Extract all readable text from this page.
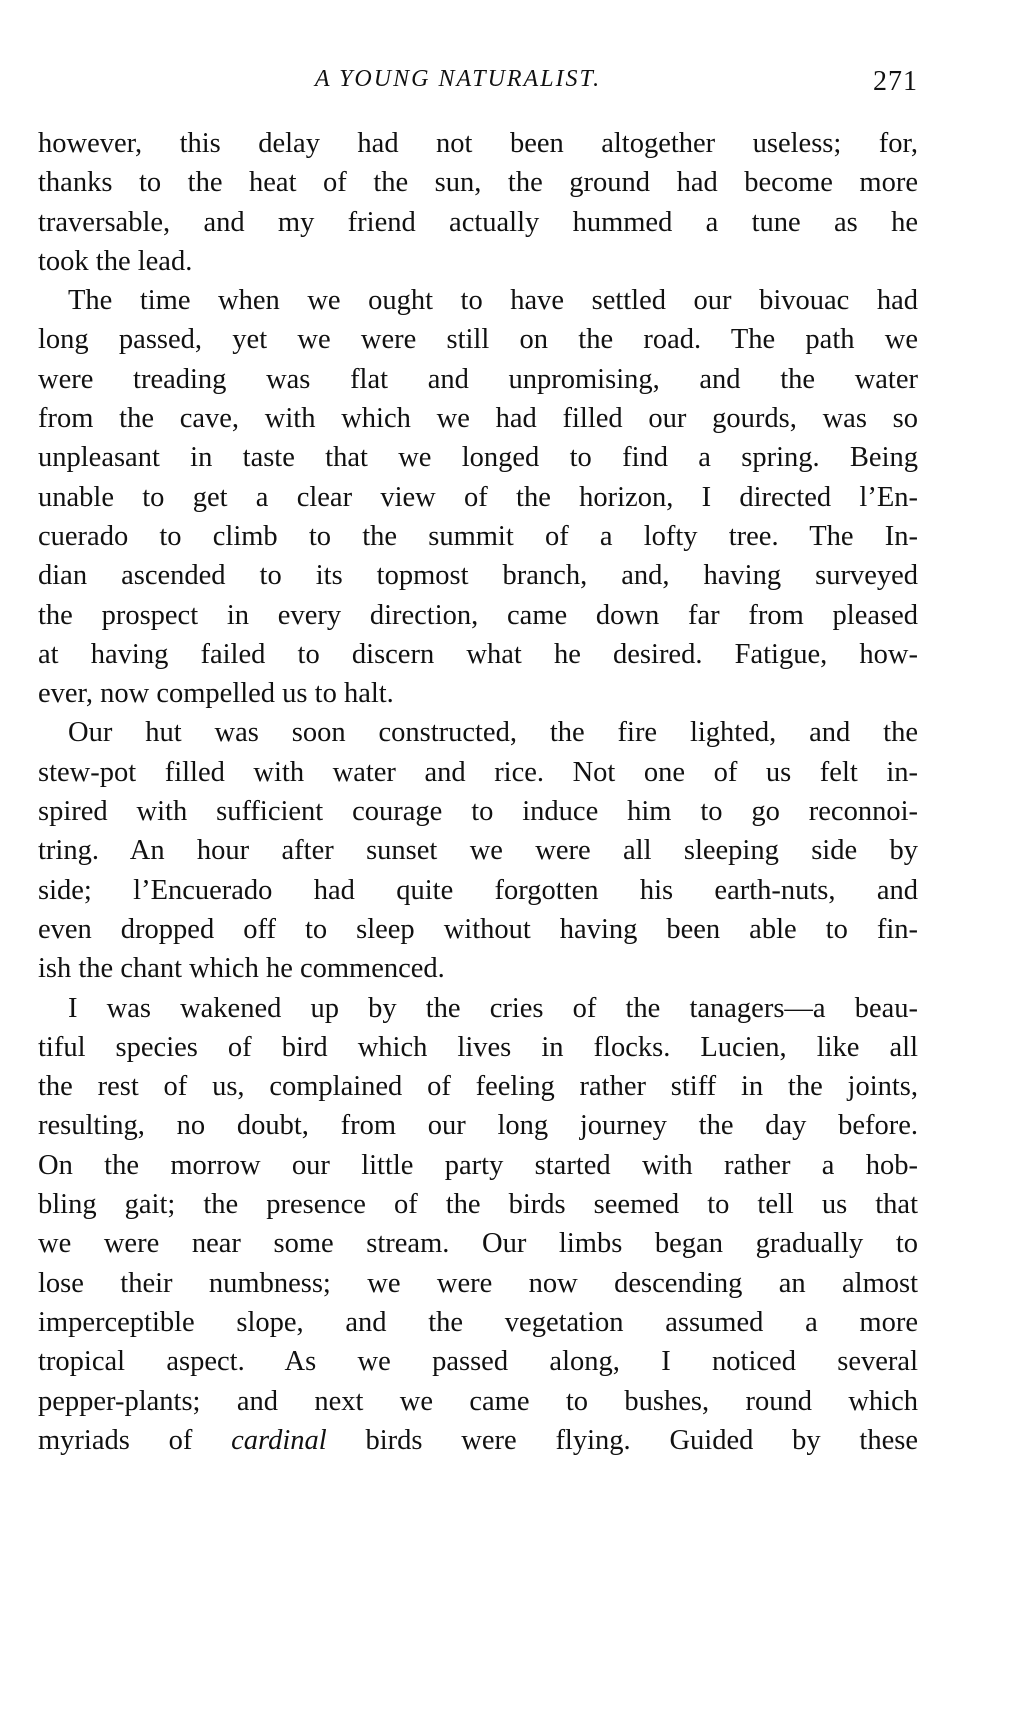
A YOUNG NATURALIST.	271
however, this delay had not been altogether useless; for,
thanks to the heat of the sun, the ground had become more
traversable, and my friend actually hummed a tune as he
took the lead.
The time when we ought to have settled our bivouac had
long passed, yet we were still on the road. The path we
were treading was flat and unpromising, and the water
from the cave, with which we had filled our gourds, was so
unpleasant in taste that we longed to find a spring. Being
unable to get a clear view of the horizon, I directed l’En-
cuerado to climb to the summit of a lofty tree. The In-
dian ascended to its topmost branch, and, having surveyed
the prospect in every direction, came down far from pleased
at having failed to discern what he desired. Fatigue, how-
ever, now compelled us to halt.
Our hut was soon constructed, the fire lighted, and the
stew-pot filled with water and rice. Not one of us felt in-
spired with sufficient courage to induce him to go reconnoi-
tring. An hour after sunset we were all sleeping side by
side; l’Encuerado had quite forgotten his earth-nuts, and
even dropped off to sleep without having been able to fin-
ish the chant which he commenced.
I was wakened up by the cries of the tanagers—a beau-
tiful species of bird which lives in flocks. Lucien, like all
the rest of us, complained of feeling rather stiff in the joints,
resulting, no doubt, from our long journey the day before.
On the morrow our little party started with rather a hob-
bling gait; the presence of the birds seemed to tell us that
we were near some stream. Our limbs began gradually to
lose their numbness; we were now descending an almost
imperceptible slope, and the vegetation assumed a more
tropical aspect. As we passed along, I noticed several
pepper-plants; and next we came to bushes, round which
myriads of cardinal birds were flying. Guided by these
